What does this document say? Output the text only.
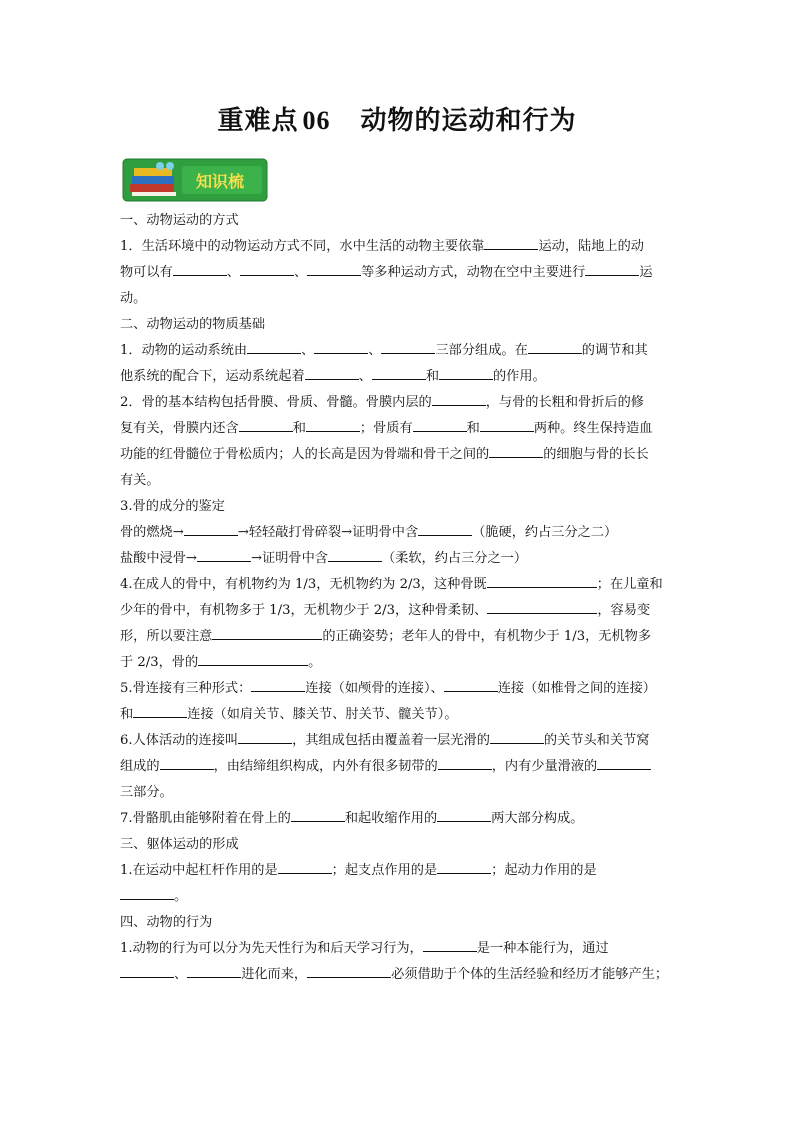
重难点 06 动物的运动和行为
知识梳
一、动物运动的方式
1．生活环境中的动物运动方式不同，水中生活的动物主要依靠	运动，陆地上的动
物可以有	、	、	等多种运动方式，动物在空中主要进行	运
动。
二、动物运动的物质基础
1．动物的运动系统由	、	、	三部分组成。在	的调节和其
他系统的配合下，运动系统起着	、	和	的作用。
2．骨的基本结构包括骨膜、骨质、骨髓。骨膜内层的	，与骨的长粗和骨折后的修
复有关，骨膜内还含	和	；骨质有	和	两种。终生保持造血
功能的红骨髓位于骨松质内；人的长高是因为骨端和骨干之间的	的细胞与骨的长长
有关。
3.骨的成分的鉴定
骨的燃烧→	→轻轻敲打骨碎裂→证明骨中含	（脆硬，约占三分之二）
盐酸中浸骨→	→证明骨中含	（柔软，约占三分之一）
4.在成人的骨中，有机物约为 1/3，无机物约为 2/3，这种骨既	；在儿童和
少年的骨中，有机物多于 1/3，无机物少于 2/3，这种骨柔韧、	，容易变
形，所以要注意	的正确姿势；老年人的骨中，有机物少于 1/3，无机物多
于 2/3，骨的	。
5.骨连接有三种形式：	连接（如颅骨的连接）、	连接（如椎骨之间的连接）
和	连接（如肩关节、膝关节、肘关节、髋关节）。
6.人体活动的连接叫	，其组成包括由覆盖着一层光滑的	的关节头和关节窝
组成的	，由结缔组织构成，内外有很多韧带的	，内有少量滑液的
三部分。
7.骨骼肌由能够附着在骨上的	和起收缩作用的	两大部分构成。
三、躯体运动的形成
1.在运动中起杠杆作用的是	；起支点作用的是	；起动力作用的是
。
四、动物的行为
1.动物的行为可以分为先天性行为和后天学习行为，	是一种本能行为，通过
、	进化而来，	必须借助于个体的生活经验和经历才能够产生；
